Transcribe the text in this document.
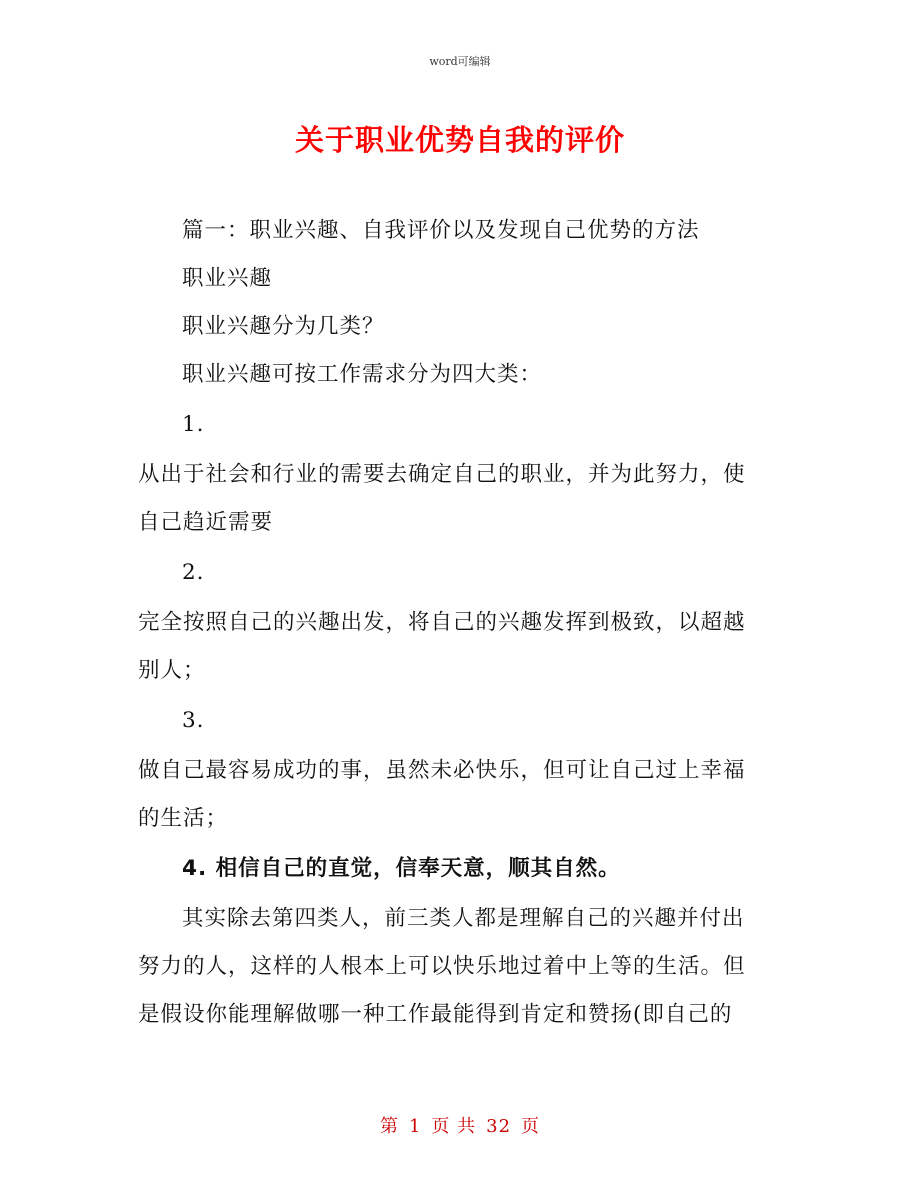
word可编辑
关于职业优势自我的评价

篇一：职业兴趣、自我评价以及发现自己优势的方法

职业兴趣

职业兴趣分为几类？

职业兴趣可按工作需求分为四大类：

1.

从出于社会和行业的需要去确定自己的职业，并为此努力，使

自己趋近需要

2.

完全按照自己的兴趣出发，将自己的兴趣发挥到极致，以超越

别人；

3.

做自己最容易成功的事，虽然未必快乐，但可让自己过上幸福

的生活；

4. 相信自己的直觉，信奉天意，顺其自然。

其实除去第四类人，前三类人都是理解自己的兴趣并付出

努力的人，这样的人根本上可以快乐地过着中上等的生活。但

是假设你能理解做哪一种工作最能得到肯定和赞扬(即自己的

第 1 页 共 32 页
